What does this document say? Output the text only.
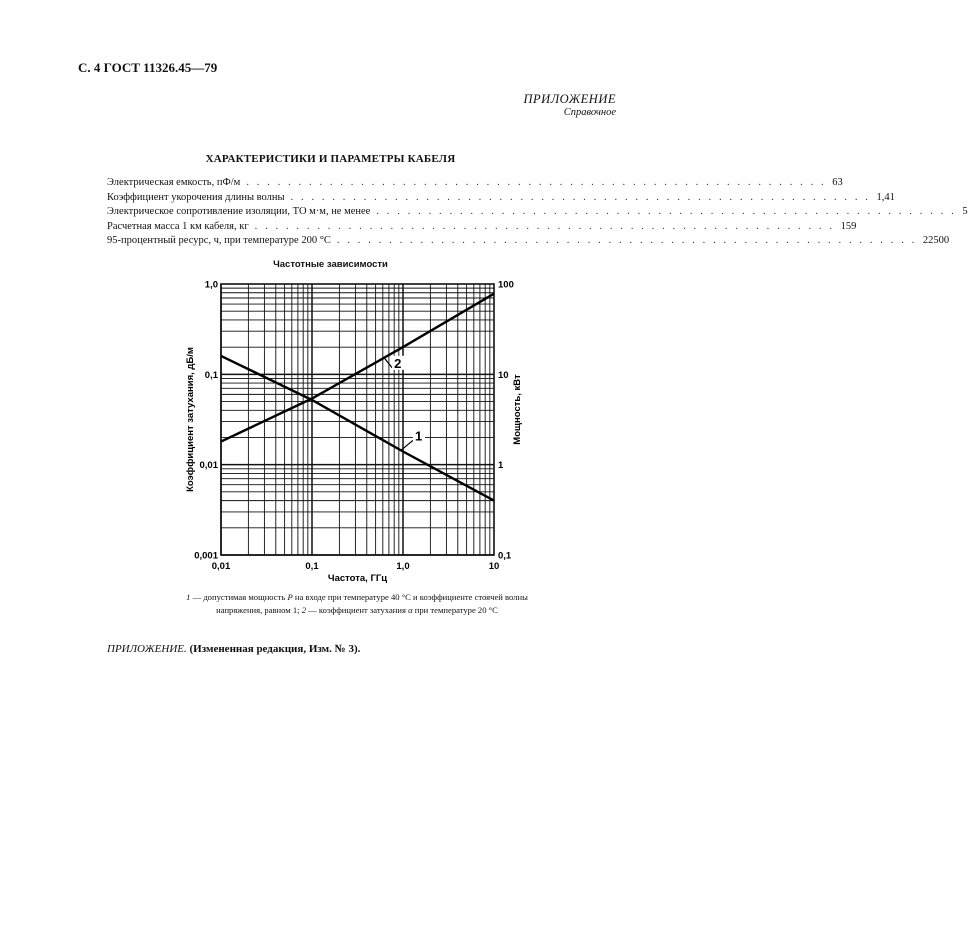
С. 4 ГОСТ 11326.45—79
ПРИЛОЖЕНИЕ
Справочное
ХАРАКТЕРИСТИКИ И ПАРАМЕТРЫ КАБЕЛЯ
Электрическая емкость, пФ/м . . . . . . . . . . . . . . . . . . . . . . . . . . . . . . . . . . . . . . . . . . . . . . . . . . . . . . . . 63
Коэффициент укорочения длины волны . . . . . . . . . . . . . . . . . . . . . . . . . . . . . . . . . . . . . . . . . . . . . . . . . . . . . . . . 1,41
Электрическое сопротивление изоляции, ТО м·м, не менее . . . . . . . . . . . . . . . . . . . . . . . . . . . . . . . . . . . . . . . . . . . . . . . . . . . . . . . . 5
Расчетная масса 1 км кабеля, кг . . . . . . . . . . . . . . . . . . . . . . . . . . . . . . . . . . . . . . . . . . . . . . . . . . . . . . . . 159
95-процентный ресурс, ч, при температуре 200 °С . . . . . . . . . . . . . . . . . . . . . . . . . . . . . . . . . . . . . . . . . . . . . . . . . . . . . . . . 22500
Частотные зависимости
1
2
0,01	0,1	1,0	10
0,001
0,01
0,1
1,0
0,1
1
10
100
Частота, ГГц
Коэффициент затухания, дБ/м	Мощность, кВт
1 — допустимая мощность P на входе при температуре 40 °С и коэффициенте стоячей волны напряжения, равном 1; 2 — коэффициент затухания α при температуре 20 °С
ПРИЛОЖЕНИЕ. (Измененная редакция, Изм. № 3).
